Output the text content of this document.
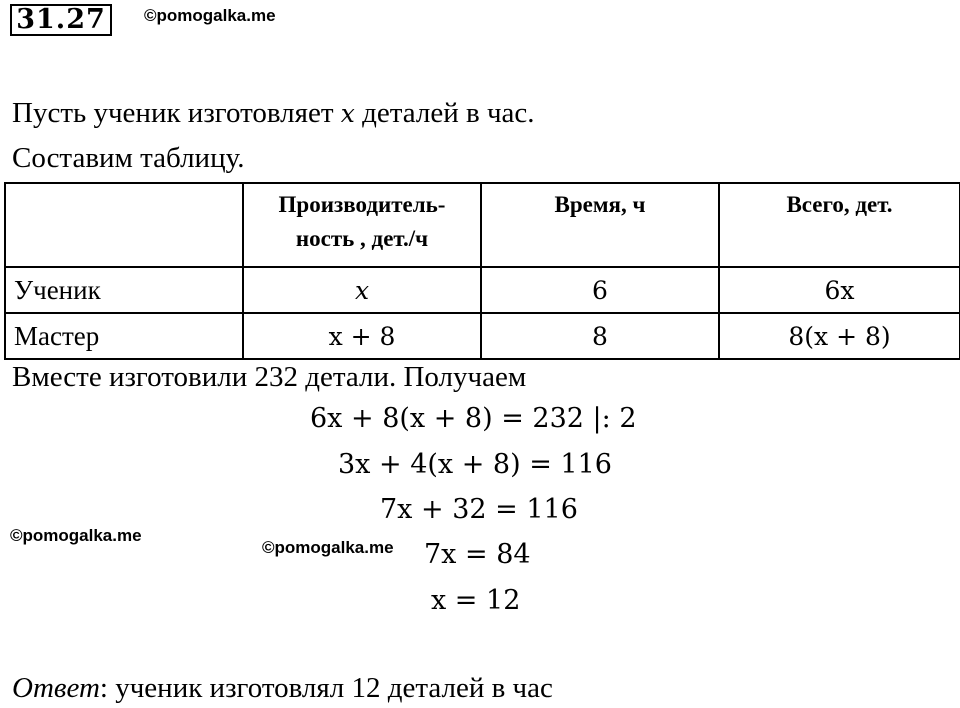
31.27	©pomogalka.me
Пусть ученик изготовляет x деталей в час.
Составим таблицу.

	Производитель-
ность , дет./ч	Время, ч	Всего, дет.
Ученик	x	6	6x
Мастер	x + 8	8	8(x + 8)
Вместе изготовили 232 детали. Получаем
6x + 8(x + 8) = 232 |: 2
3x + 4(x + 8) = 116
7x + 32 = 116
7x = 84
x = 12
©pomogalka.me
©pomogalka.me
Ответ: ученик изготовлял 12 деталей в час
